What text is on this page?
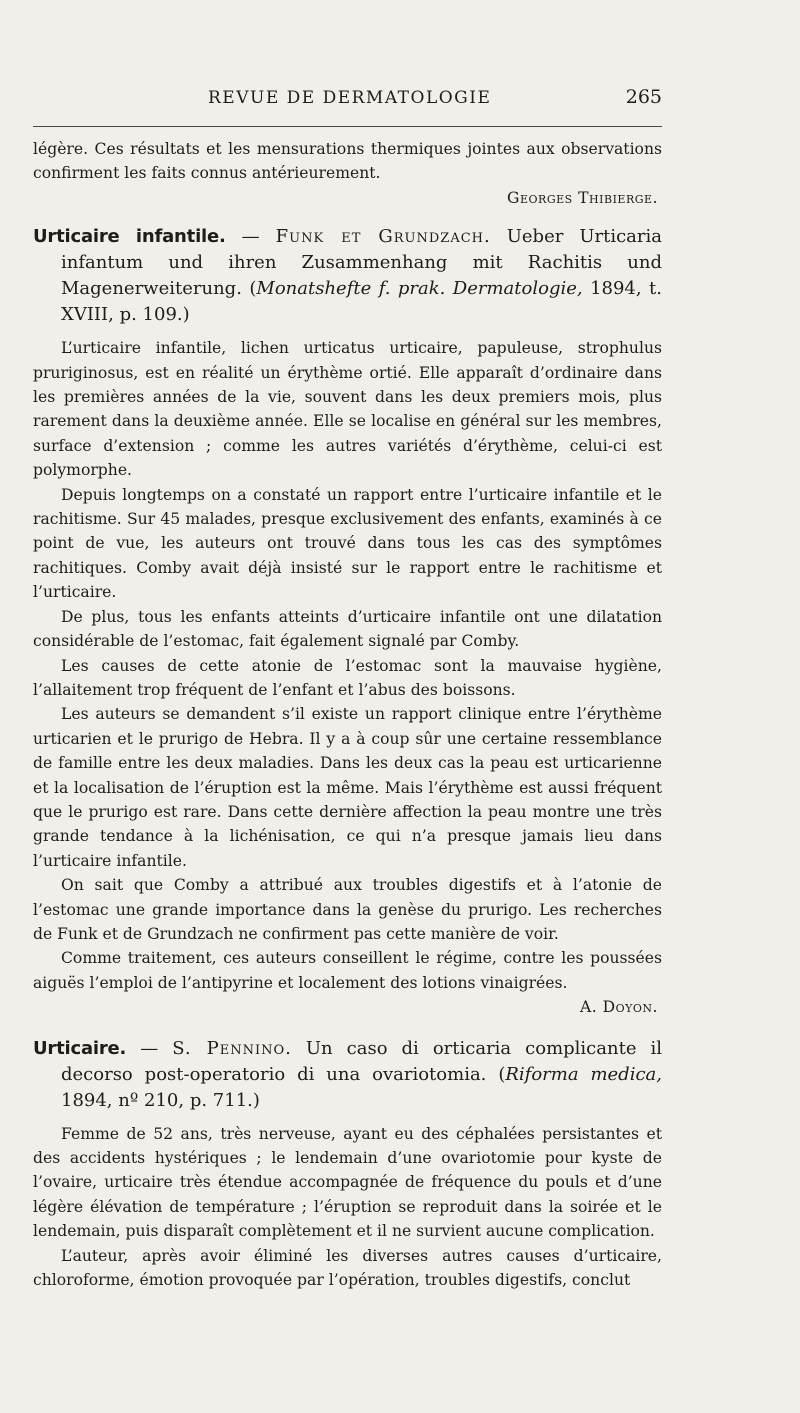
REVUE DE DERMATOLOGIE	265

légère. Ces résultats et les mensurations thermiques jointes aux observations confirment les faits connus antérieurement.

Georges Thibierge.

Urticaire infantile. — Funk et Grundzach. Ueber Urticaria infantum und ihren Zusammenhang mit Rachitis und Magenerweiterung. (Monatshefte f. prak. Dermatologie, 1894, t. XVIII, p. 109.)

L’urticaire infantile, lichen urticatus urticaire, papuleuse, strophulus pruriginosus, est en réalité un érythème ortié. Elle apparaît d’ordinaire dans les premières années de la vie, souvent dans les deux premiers mois, plus rarement dans la deuxième année. Elle se localise en général sur les membres, surface d’extension ; comme les autres variétés d’érythème, celui-ci est polymorphe.

Depuis longtemps on a constaté un rapport entre l’urticaire infantile et le rachitisme. Sur 45 malades, presque exclusivement des enfants, examinés à ce point de vue, les auteurs ont trouvé dans tous les cas des symptômes rachitiques. Comby avait déjà insisté sur le rapport entre le rachitisme et l’urticaire.

De plus, tous les enfants atteints d’urticaire infantile ont une dilatation considérable de l’estomac, fait également signalé par Comby.

Les causes de cette atonie de l’estomac sont la mauvaise hygiène, l’allaitement trop fréquent de l’enfant et l’abus des boissons.

Les auteurs se demandent s’il existe un rapport clinique entre l’érythème urticarien et le prurigo de Hebra. Il y a à coup sûr une certaine ressemblance de famille entre les deux maladies. Dans les deux cas la peau est urticarienne et la localisation de l’éruption est la même. Mais l’érythème est aussi fréquent que le prurigo est rare. Dans cette dernière affection la peau montre une très grande tendance à la lichénisation, ce qui n’a presque jamais lieu dans l’urticaire infantile.

On sait que Comby a attribué aux troubles digestifs et à l’atonie de l’estomac une grande importance dans la genèse du prurigo. Les recherches de Funk et de Grundzach ne confirment pas cette manière de voir.

Comme traitement, ces auteurs conseillent le régime, contre les poussées aiguës l’emploi de l’antipyrine et localement des lotions vinaigrées.

A. Doyon.

Urticaire. — S. Pennino. Un caso di orticaria complicante il decorso post-operatorio di una ovariotomia. (Riforma medica, 1894, nº 210, p. 711.)

Femme de 52 ans, très nerveuse, ayant eu des céphalées persistantes et des accidents hystériques ; le lendemain d’une ovariotomie pour kyste de l’ovaire, urticaire très étendue accompagnée de fréquence du pouls et d’une légère élévation de température ; l’éruption se reproduit dans la soirée et le lendemain, puis disparaît complètement et il ne survient aucune complication.

L’auteur, après avoir éliminé les diverses autres causes d’urticaire, chloroforme, émotion provoquée par l’opération, troubles digestifs, conclut
